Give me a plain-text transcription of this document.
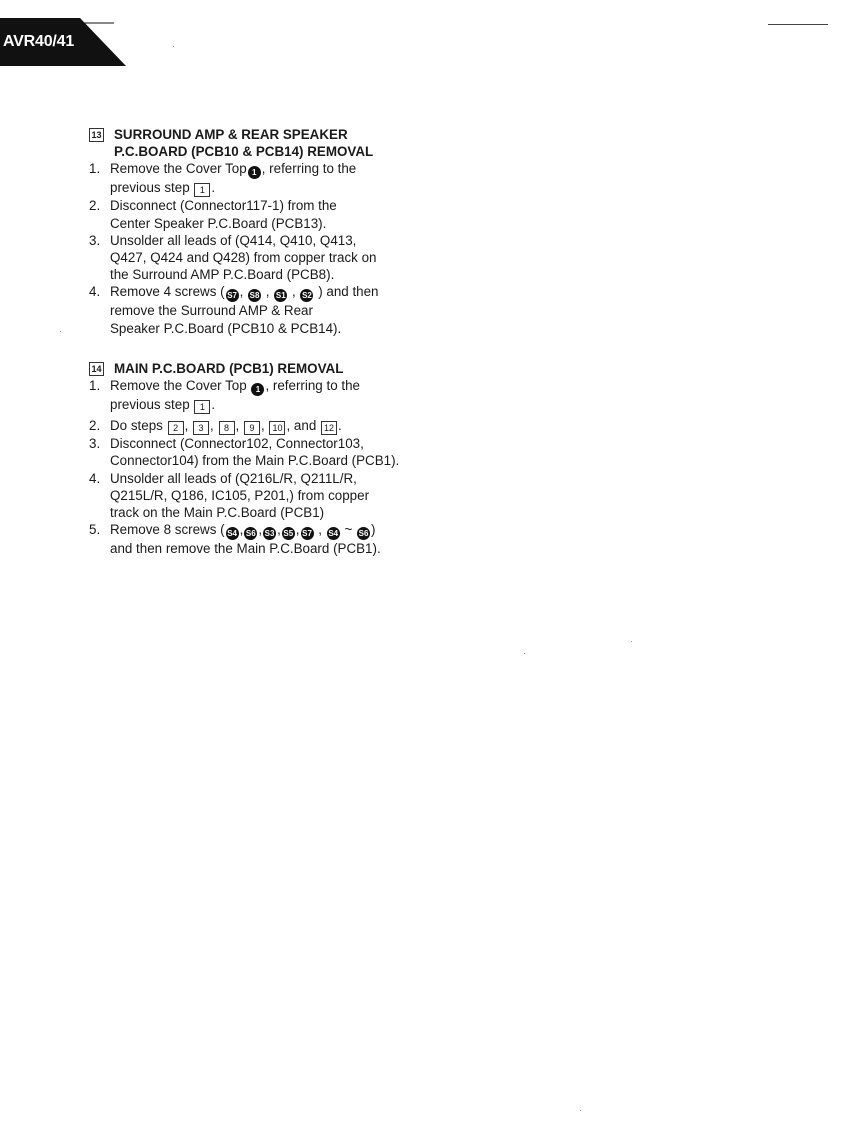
AVR40/41
13 SURROUND AMP & REAR SPEAKER
P.C.BOARD (PCB10 & PCB14) REMOVAL
1. Remove the Cover Top 1 , referring to the
previous step 1 .
2. Disconnect (Connector117-1) from the
Center Speaker P.C.Board (PCB13).
3. Unsolder all leads of (Q414, Q410, Q413,
Q427, Q424 and Q428) from copper track on
the Surround AMP P.C.Board (PCB8).
4. Remove 4 screws ( S7 , S8 , S1 , S2 ) and then
remove the Surround AMP & Rear
Speaker P.C.Board (PCB10 & PCB14).
14 MAIN P.C.BOARD (PCB1) REMOVAL
1. Remove the Cover Top 1 , referring to the
previous step 1 .
2. Do steps 2 , 3 , 8 , 9 , 10 , and 12 .
3. Disconnect (Connector102, Connector103,
Connector104) from the Main P.C.Board (PCB1).
4. Unsolder all leads of (Q216L/R, Q211L/R,
Q215L/R, Q186, IC105, P201,) from copper
track on the Main P.C.Board (PCB1)
5. Remove 8 screws ( S4 , S6 , S3 , S5 , S7 , S4 ~ S6 )
and then remove the Main P.C.Board (PCB1).
